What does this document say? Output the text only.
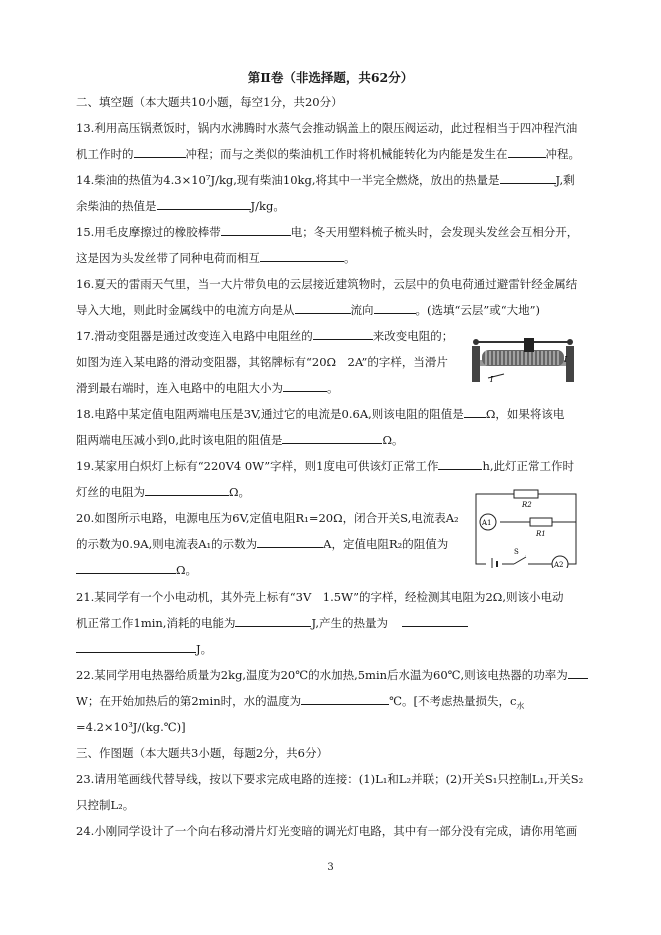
第Ⅱ卷（非选择题，共62分）
二、填空题（本大题共10小题，每空1分，共20分）
13.利用高压锅煮饭时，锅内水沸腾时水蒸气会推动锅盖上的限压阀运动，此过程相当于四冲程汽油
机工作时的	冲程；而与之类似的柴油机工作时将机械能转化为内能是发生在	冲程。
14.柴油的热值为4.3×10⁷J/kg,现有柴油10kg,将其中一半完全燃烧，放出的热量是	J,剩
余柴油的热值是	J/kg。
15.用毛皮摩擦过的橡胶棒带	电；冬天用塑料梳子梳头时，会发现头发丝会互相分开，
这是因为头发丝带了同种电荷而相互	。
16.夏天的雷雨天气里，当一大片带负电的云层接近建筑物时，云层中的负电荷通过避雷针经金属结
导入大地，则此时金属线中的电流方向是从	流向	。(选填“云层”或“大地”)
17.滑动变阻器是通过改变连入电路中电阻丝的	来改变电阻的；
如图为连入某电路的滑动变阻器，其铭牌标有“20Ω　2A”的字样，当滑片
滑到最右端时，连入电路中的电阻大小为	。
I
I
18.电路中某定值电阻两端电压是3V,通过它的电流是0.6A,则该电阻的阻值是 Ω，如果将该电
阻两端电压减小到0,此时该电阻的阻值是	Ω。
19.某家用白炽灯上标有“220V4 0W”字样，则1度电可供该灯正常工作	h,此灯正常工作时
灯丝的电阻为	Ω。
20.如图所示电路，电源电压为6V,定值电阻R₁=20Ω，闭合开关S,电流表A₂
的示数为0.9A,则电流表A₁的示数为	A，定值电阻R₂的阻值为
Ω。
R2
A1
R1
S
A2
21.某同学有一个小电动机，其外壳上标有“3V　1.5W”的字样，经检测其电阻为2Ω,则该小电动
机正常工作1min,消耗的电能为	J,产生的热量为
J。
22.某同学用电热器给质量为2kg,温度为20℃的水加热,5min后水温为60℃,则该电热器的功率为
W；在开始加热后的第2min时，水的温度为	℃。[不考虑热量损失，$c_水$
=4.2×10³J/(kg.℃)]
三、作图题（本大题共3小题，每题2分，共6分）
23.请用笔画线代替导线，按以下要求完成电路的连接：(1)L₁和L₂并联；(2)开关S₁只控制L₁,开关S₂
只控制L₂。
24.小刚同学设计了一个向右移动滑片灯光变暗的调光灯电路，其中有一部分没有完成，请你用笔画
3
